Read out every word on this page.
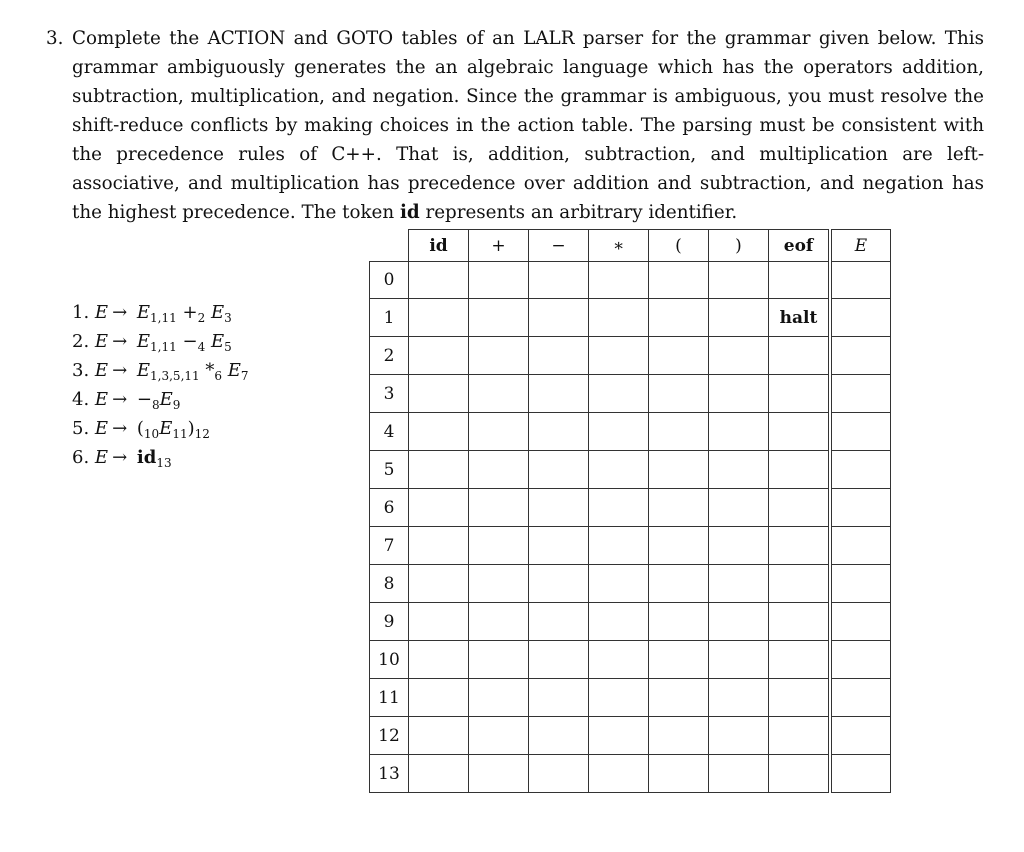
3. Complete the ACTION and GOTO tables of an LALR parser for the grammar given below. This grammar ambiguously generates the an algebraic language which has the operators addition, subtraction, multiplication, and negation. Since the grammar is ambiguous, you must resolve the shift-reduce conflicts by making choices in the action table. The parsing must be consistent with the precedence rules of C++. That is, addition, subtraction, and multiplication are left-associative, and multiplication has precedence over addition and subtraction, and negation has the highest precedence. The token id represents an arbitrary identifier.
1. $E \to E_{1,11} +_2$ $E_3$
2. $E \to E_{1,11} -_4$ $E_5$
3. $E \to E_{1,3,5,11}$ $*_6$ $E_7$
4. $E \to -_8E_9$
5. $E \to (_{10}E_{11})_{12}$
6. $E \to id_{13}$
	id	+	−	∗	(	)	eof	E
0								
1							halt	
2								
3								
4								
5								
6								
7								
8								
9								
10								
11								
12								
13								
